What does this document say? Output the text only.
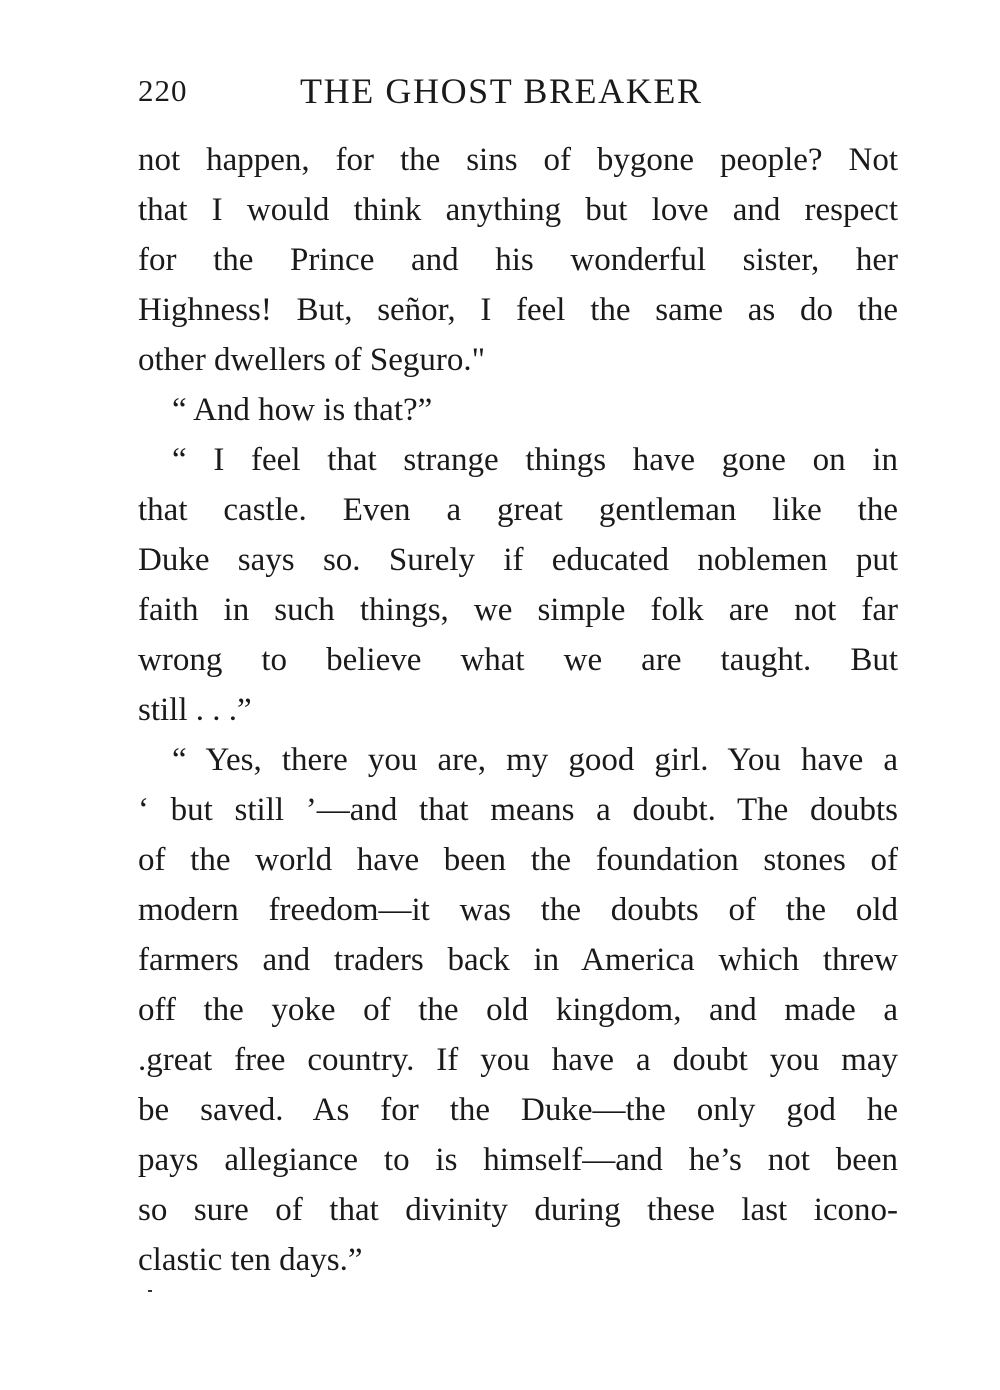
220	THE GHOST BREAKER
not happen, for the sins of bygone people? Not
that I would think anything but love and respect
for the Prince and his wonderful sister, her
Highness! But, señor, I feel the same as do the
other dwellers of Seguro."
“ And how is that?”
“ I feel that strange things have gone on in
that castle. Even a great gentleman like the
Duke says so. Surely if educated noblemen put
faith in such things, we simple folk are not far
wrong to believe what we are taught. But
still . . .”
“ Yes, there you are, my good girl. You have a
‘ but still ’—and that means a doubt. The doubts
of the world have been the foundation stones of
modern freedom—it was the doubts of the old
farmers and traders back in America which threw
off the yoke of the old kingdom, and made a
.great free country. If you have a doubt you may
be saved. As for the Duke—the only god he
pays allegiance to is himself—and he’s not been
so sure of that divinity during these last icono-
clastic ten days.”
